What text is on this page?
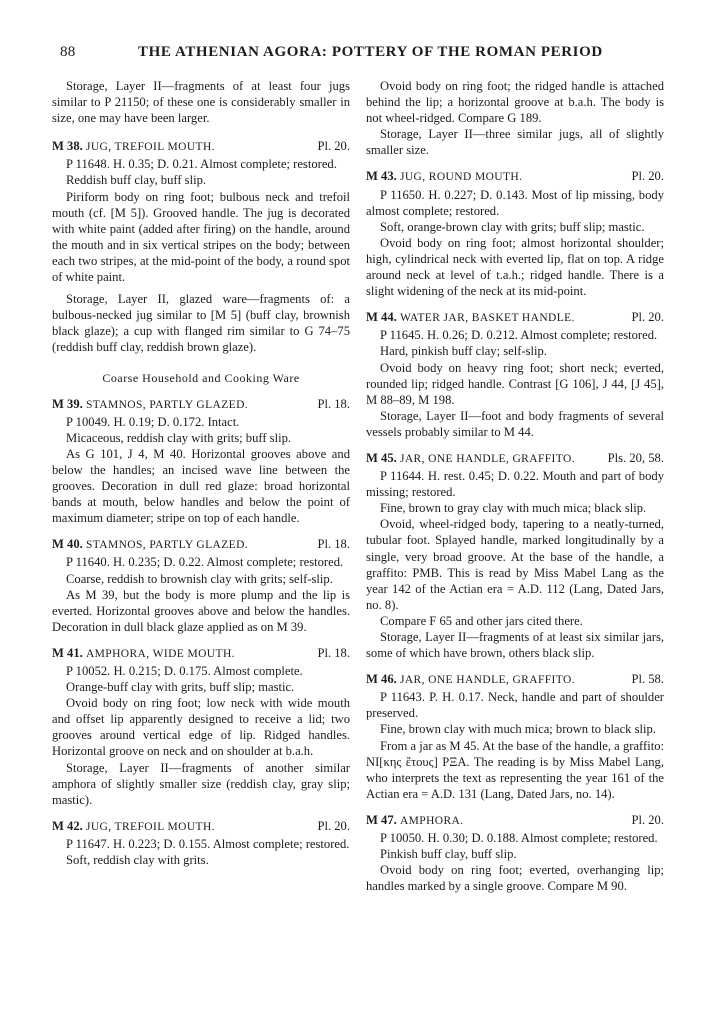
88	THE ATHENIAN AGORA: POTTERY OF THE ROMAN PERIOD

Storage, Layer II—fragments of at least four jugs similar to P 21150; of these one is considerably smaller in size, one may have been larger.

M 38. JUG, TREFOIL MOUTH.	Pl. 20.

P 11648. H. 0.35; D. 0.21. Almost complete; restored.

Reddish buff clay, buff slip.

Piriform body on ring foot; bulbous neck and trefoil mouth (cf. [M 5]). Grooved handle. The jug is decorated with white paint (added after firing) on the handle, around the mouth and in six vertical stripes on the body; between each two stripes, at the mid-point of the body, a round spot of white paint.

Storage, Layer II, glazed ware—fragments of: a bulbous-necked jug similar to [M 5] (buff clay, brownish black glaze); a cup with flanged rim similar to G 74–75 (reddish buff clay, reddish brown glaze).

Coarse Household and Cooking Ware

M 39. STAMNOS, PARTLY GLAZED.	Pl. 18.

P 10049. H. 0.19; D. 0.172. Intact.

Micaceous, reddish clay with grits; buff slip.

As G 101, J 4, M 40. Horizontal grooves above and below the handles; an incised wave line between the grooves. Decoration in dull red glaze: broad horizontal bands at mouth, below handles and below the point of maximum diameter; stripe on top of each handle.

M 40. STAMNOS, PARTLY GLAZED.	Pl. 18.

P 11640. H. 0.235; D. 0.22. Almost complete; restored.

Coarse, reddish to brownish clay with grits; self-slip.

As M 39, but the body is more plump and the lip is everted. Horizontal grooves above and below the handles. Decoration in dull black glaze applied as on M 39.

M 41. AMPHORA, WIDE MOUTH.	Pl. 18.

P 10052. H. 0.215; D. 0.175. Almost complete.

Orange-buff clay with grits, buff slip; mastic.

Ovoid body on ring foot; low neck with wide mouth and offset lip apparently designed to receive a lid; two grooves around vertical edge of lip. Ridged handles. Horizontal groove on neck and on shoulder at b.a.h.

Storage, Layer II—fragments of another similar amphora of slightly smaller size (reddish clay, gray slip; mastic).

M 42. JUG, TREFOIL MOUTH.	Pl. 20.

P 11647. H. 0.223; D. 0.155. Almost complete; restored.

Soft, reddish clay with grits.

Ovoid body on ring foot; the ridged handle is attached behind the lip; a horizontal groove at b.a.h. The body is not wheel-ridged. Compare G 189.

Storage, Layer II—three similar jugs, all of slightly smaller size.

M 43. JUG, ROUND MOUTH.	Pl. 20.

P 11650. H. 0.227; D. 0.143. Most of lip missing, body almost complete; restored.

Soft, orange-brown clay with grits; buff slip; mastic.

Ovoid body on ring foot; almost horizontal shoulder; high, cylindrical neck with everted lip, flat on top. A ridge around neck at level of t.a.h.; ridged handle. There is a slight widening of the neck at its mid-point.

M 44. WATER JAR, BASKET HANDLE.	Pl. 20.

P 11645. H. 0.26; D. 0.212. Almost complete; restored.

Hard, pinkish buff clay; self-slip.

Ovoid body on heavy ring foot; short neck; everted, rounded lip; ridged handle. Contrast [G 106], J 44, [J 45], M 88–89, M 198.

Storage, Layer II—foot and body fragments of several vessels probably similar to M 44.

M 45. JAR, ONE HANDLE, GRAFFITO.	Pls. 20, 58.

P 11644. H. rest. 0.45; D. 0.22. Mouth and part of body missing; restored.

Fine, brown to gray clay with much mica; black slip.

Ovoid, wheel-ridged body, tapering to a neatly-turned, tubular foot. Splayed handle, marked longitudinally by a single, very broad groove. At the base of the handle, a graffito: PMB. This is read by Miss Mabel Lang as the year 142 of the Actian era = A.D. 112 (Lang, Dated Jars, no. 8).

Compare F 65 and other jars cited there.

Storage, Layer II—fragments of at least six similar jars, some of which have brown, others black slip.

M 46. JAR, ONE HANDLE, GRAFFITO.	Pl. 58.

P 11643. P. H. 0.17. Neck, handle and part of shoulder preserved.

Fine, brown clay with much mica; brown to black slip.

From a jar as M 45. At the base of the handle, a graffito: NI[κης ἔτους] PΞA. The reading is by Miss Mabel Lang, who interprets the text as representing the year 161 of the Actian era = A.D. 131 (Lang, Dated Jars, no. 14).

M 47. AMPHORA.	Pl. 20.

P 10050. H. 0.30; D. 0.188. Almost complete; restored.

Pinkish buff clay, buff slip.

Ovoid body on ring foot; everted, overhanging lip; handles marked by a single groove. Compare M 90.
